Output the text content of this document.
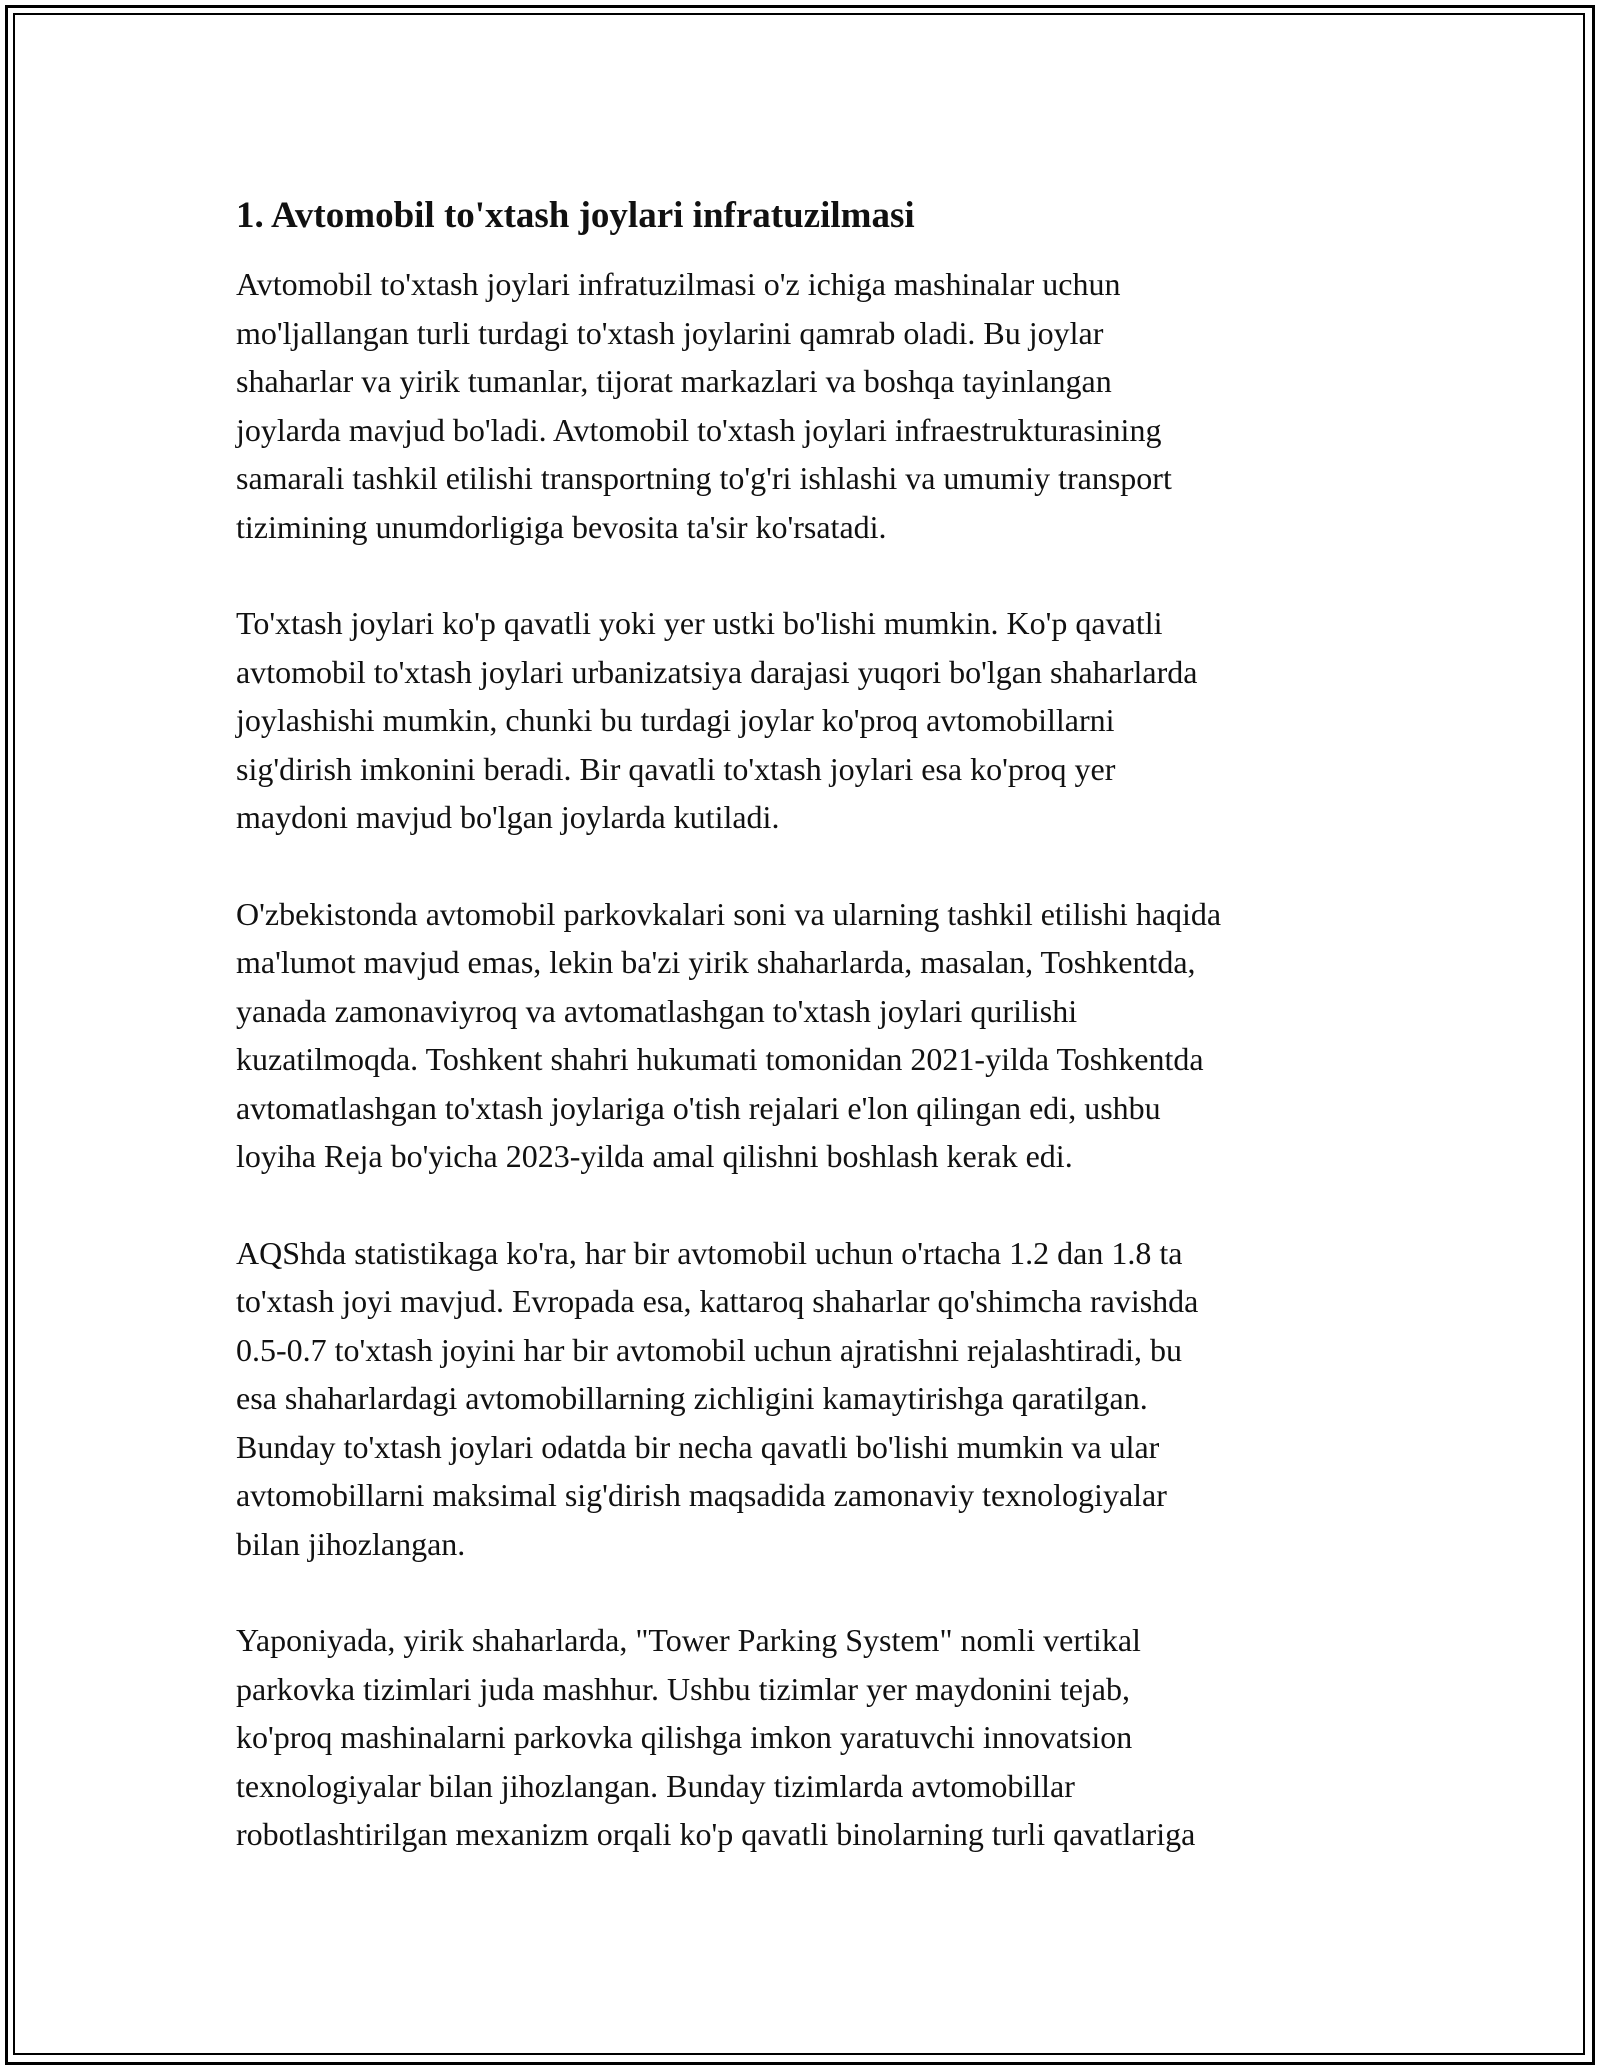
1. Avtomobil to'xtash joylari infratuzilmasi

Avtomobil to'xtash joylari infratuzilmasi o'z ichiga mashinalar uchun
mo'ljallangan turli turdagi to'xtash joylarini qamrab oladi. Bu joylar
shaharlar va yirik tumanlar, tijorat markazlari va boshqa tayinlangan
joylarda mavjud bo'ladi. Avtomobil to'xtash joylari infraestrukturasining
samarali tashkil etilishi transportning to'g'ri ishlashi va umumiy transport
tizimining unumdorligiga bevosita ta'sir ko'rsatadi.

To'xtash joylari ko'p qavatli yoki yer ustki bo'lishi mumkin. Ko'p qavatli
avtomobil to'xtash joylari urbanizatsiya darajasi yuqori bo'lgan shaharlarda
joylashishi mumkin, chunki bu turdagi joylar ko'proq avtomobillarni
sig'dirish imkonini beradi. Bir qavatli to'xtash joylari esa ko'proq yer
maydoni mavjud bo'lgan joylarda kutiladi.

O'zbekistonda avtomobil parkovkalari soni va ularning tashkil etilishi haqida
ma'lumot mavjud emas, lekin ba'zi yirik shaharlarda, masalan, Toshkentda,
yanada zamonaviyroq va avtomatlashgan to'xtash joylari qurilishi
kuzatilmoqda. Toshkent shahri hukumati tomonidan 2021-yilda Toshkentda
avtomatlashgan to'xtash joylariga o'tish rejalari e'lon qilingan edi, ushbu
loyiha Reja bo'yicha 2023-yilda amal qilishni boshlash kerak edi.

AQShda statistikaga ko'ra, har bir avtomobil uchun o'rtacha 1.2 dan 1.8 ta
to'xtash joyi mavjud. Evropada esa, kattaroq shaharlar qo'shimcha ravishda
0.5-0.7 to'xtash joyini har bir avtomobil uchun ajratishni rejalashtiradi, bu
esa shaharlardagi avtomobillarning zichligini kamaytirishga qaratilgan.
Bunday to'xtash joylari odatda bir necha qavatli bo'lishi mumkin va ular
avtomobillarni maksimal sig'dirish maqsadida zamonaviy texnologiyalar
bilan jihozlangan.

Yaponiyada, yirik shaharlarda, "Tower Parking System" nomli vertikal
parkovka tizimlari juda mashhur. Ushbu tizimlar yer maydonini tejab,
ko'proq mashinalarni parkovka qilishga imkon yaratuvchi innovatsion
texnologiyalar bilan jihozlangan. Bunday tizimlarda avtomobillar
robotlashtirilgan mexanizm orqali ko'p qavatli binolarning turli qavatlariga
